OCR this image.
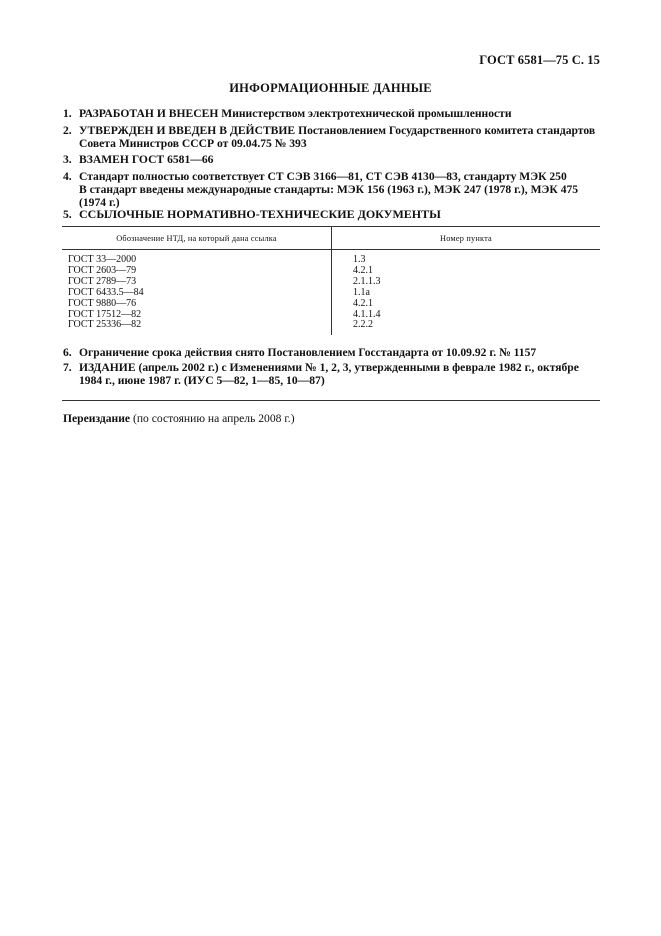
ГОСТ 6581—75 С. 15
ИНФОРМАЦИОННЫЕ ДАННЫЕ
1. РАЗРАБОТАН И ВНЕСЕН Министерством электротехнической промышленности
2. УТВЕРЖДЕН И ВВЕДЕН В ДЕЙСТВИЕ Постановлением Государственного комитета стандартов Совета Министров СССР от 09.04.75 № 393
3. ВЗАМЕН ГОСТ 6581—66
4. Стандарт полностью соответствует СТ СЭВ 3166—81, СТ СЭВ 4130—83, стандарту МЭК 250
В стандарт введены международные стандарты: МЭК 156 (1963 г.), МЭК 247 (1978 г.), МЭК 475 (1974 г.)
5. ССЫЛОЧНЫЕ НОРМАТИВНО-ТЕХНИЧЕСКИЕ ДОКУМЕНТЫ
Обозначение НТД, на который дана ссылка	Номер пункта
ГОСТ 33—2000	1.3
ГОСТ 2603—79	4.2.1
ГОСТ 2789—73	2.1.1.3
ГОСТ 6433.5—84	1.1а
ГОСТ 9880—76	4.2.1
ГОСТ 17512—82	4.1.1.4
ГОСТ 25336—82	2.2.2
6. Ограничение срока действия снято Постановлением Госстандарта от 10.09.92 г. № 1157
7. ИЗДАНИЕ (апрель 2002 г.) с Изменениями № 1, 2, 3, утвержденными в феврале 1982 г., октябре 1984 г., июне 1987 г. (ИУС 5—82, 1—85, 10—87)
Переиздание (по состоянию на апрель 2008 г.)
